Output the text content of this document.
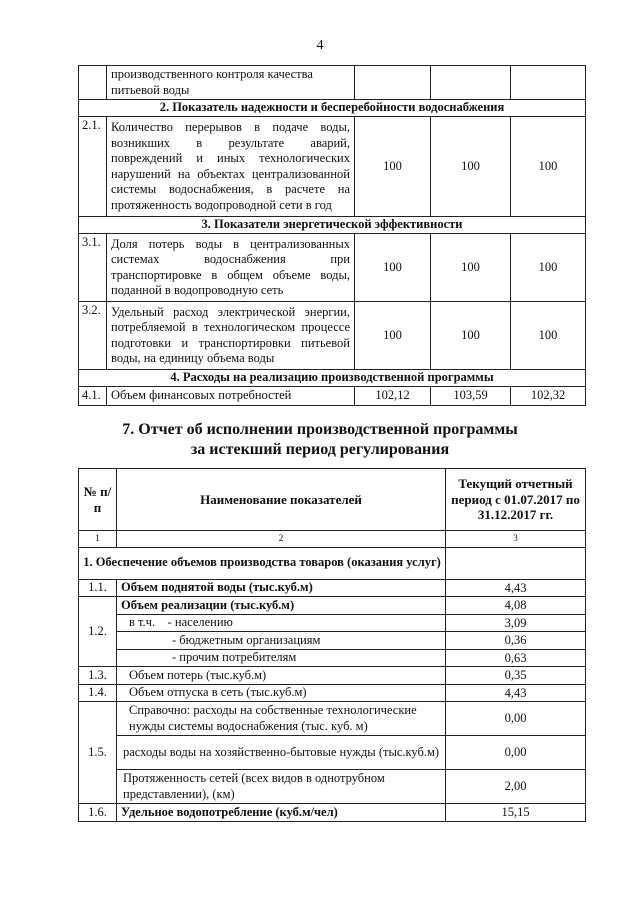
4
	производственного контроля качества питьевой воды			
2. Показатель надежности и бесперебойности водоснабжения				
2.1.	Количество перерывов в подаче воды, возникших в результате аварий, повреждений и иных технологических нарушений на объектах централизованной системы водоснабжения, в расчете на протяженность водопроводной сети в год	100	100	100
3. Показатели энергетической эффективности				
3.1.	Доля потерь воды в централизованных системах водоснабжения при транспортировке в общем объеме воды, поданной в водопроводную сеть	100	100	100
3.2.	Удельный расход электрической энергии, потребляемой в технологическом процессе подготовки и транспортировки питьевой воды, на единицу объема воды	100	100	100
4. Расходы на реализацию производственной программы				
4.1.	Объем финансовых потребностей	102,12	103,59	102,32
7. Отчет об исполнении производственной программы
за истекший период регулирования
№ п/п	Наименование показателей	Текущий отчетный период с 01.07.2017 по 31.12.2017 гг.
1	2	3
1. Обеспечение объемов производства товаров (оказания услуг)		
1.1.	Объем поднятой воды (тыс.куб.м)	4,43
1.2.	Объем реализации (тыс.куб.м)	4,08
	в т.ч. - населению	3,09
	- бюджетным организациям	0,36
	- прочим потребителям	0,63
1.3.	Объем потерь (тыс.куб.м)	0,35
1.4.	Объем отпуска в сеть (тыс.куб.м)	4,43
1.5.	Справочно: расходы на собственные технологические нужды системы водоснабжения (тыс. куб. м)	0,00
	расходы воды на хозяйственно-бытовые нужды (тыс.куб.м)	0,00
	Протяженность сетей (всех видов в однотрубном представлении), (км)	2,00
1.6.	Удельное водопотребление (куб.м/чел)	15,15
